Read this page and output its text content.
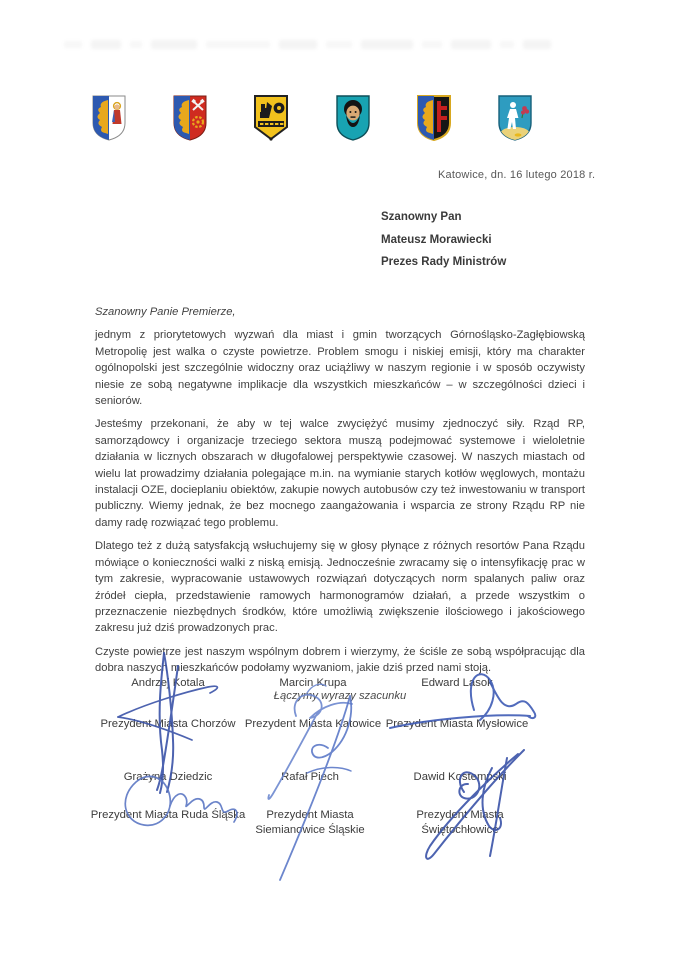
Katowice, dn. 16 lutego 2018 r.
Szanowny Pan
Mateusz Morawiecki
Prezes Rady Ministrów

Szanowny Panie Premierze,

jednym z priorytetowych wyzwań dla miast i gmin tworzących Górnośląsko-Zagłębiowską Metropolię jest walka o czyste powietrze. Problem smogu i niskiej emisji, który ma charakter ogólnopolski jest szczególnie widoczny oraz uciążliwy w naszym regionie i w sposób oczywisty niesie ze sobą negatywne implikacje dla wszystkich mieszkańców – w szczególności dzieci i seniorów.

Jesteśmy przekonani, że aby w tej walce zwyciężyć musimy zjednoczyć siły. Rząd RP, samorządowcy i organizacje trzeciego sektora muszą podejmować systemowe i wieloletnie działania w licznych obszarach w długofalowej perspektywie czasowej. W naszych miastach od wielu lat prowadzimy działania polegające m.in. na wymianie starych kotłów węglowych, montażu instalacji OZE, docieplaniu obiektów, zakupie nowych autobusów czy też inwestowaniu w transport publiczny. Wiemy jednak, że bez mocnego zaangażowania i wsparcia ze strony Rządu RP nie damy radę rozwiązać tego problemu.

Dlatego też z dużą satysfakcją wsłuchujemy się w głosy płynące z różnych resortów Pana Rządu mówiące o konieczności walki z niską emisją. Jednocześnie zwracamy się o intensyfikację prac w tym zakresie, wypracowanie ustawowych rozwiązań dotyczących norm spalanych paliw oraz źródeł ciepła, przedstawienie ramowych harmonogramów działań, a przede wszystkim o przeznaczenie niezbędnych środków, które umożliwią zwiększenie ilościowego i jakościowego zakresu już dziś prowadzonych prac.

Czyste powietrze jest naszym wspólnym dobrem i wierzymy, że ściśle ze sobą współpracując dla dobra naszych mieszkańców podołamy wyzwaniom, jakie dziś przed nami stoją.

Łączymy wyrazy szacunku
Andrzej Kotala
Prezydent Miasta Chorzów
Marcin Krupa
Prezydent Miasta Katowice
Edward Lasok
Prezydent Miasta Mysłowice
Grażyna Dziedzic
Prezydent Miasta Ruda Śląska
Rafał Piech
Prezydent Miasta
Siemianowice Śląskie
Dawid Kostempski
Prezydent Miasta
Świętochłowice
